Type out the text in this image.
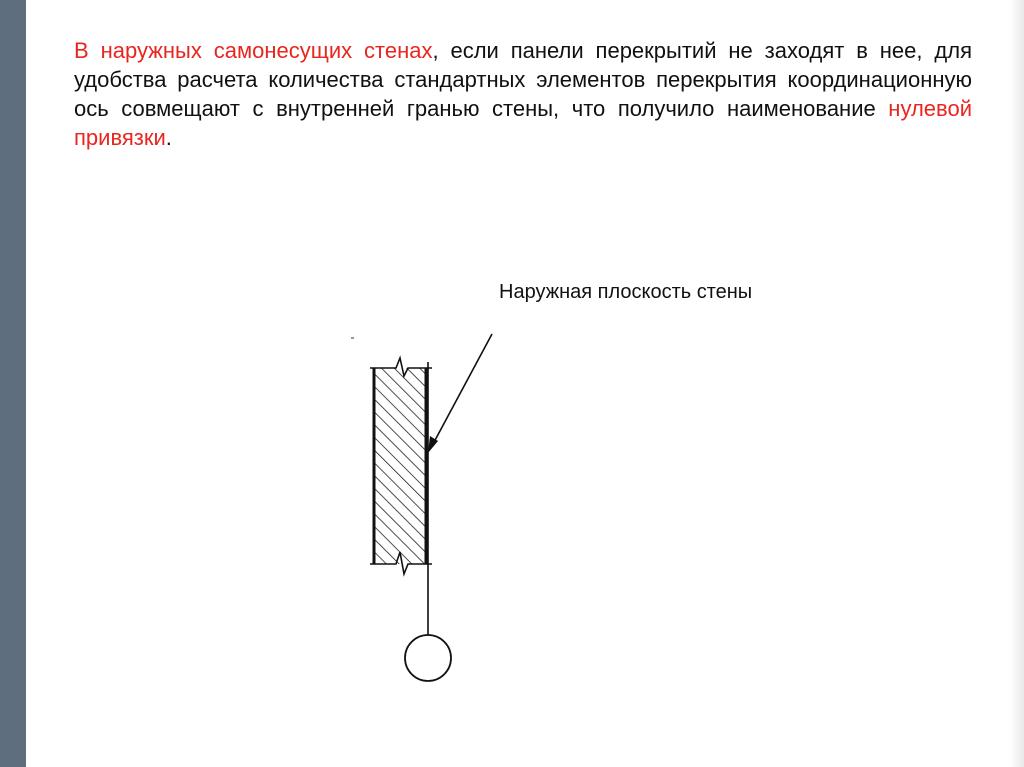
В наружных самонесущих стенах, если панели перекрытий не заходят в нее, для удобства расчета количества стандартных элементов перекрытия координационную ось совмещают с внутренней гранью стены, что получило наименование нулевой привязки.

Наружная плоскость стены
